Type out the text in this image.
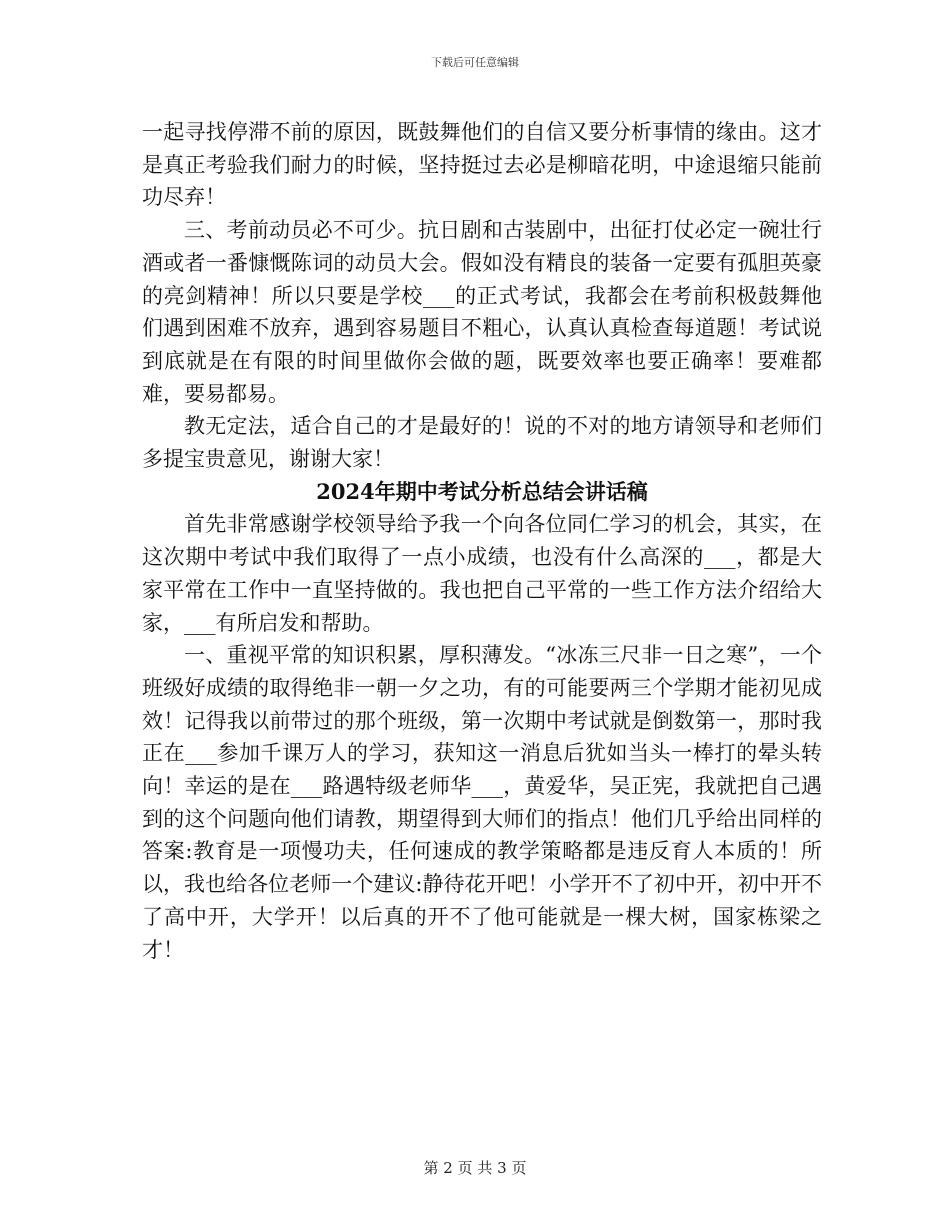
下载后可任意编辑

一起寻找停滞不前的原因，既鼓舞他们的自信又要分析事情的缘由。这才是真正考验我们耐力的时候，坚持挺过去必是柳暗花明，中途退缩只能前功尽弃！

三、考前动员必不可少。抗日剧和古装剧中，出征打仗必定一碗壮行酒或者一番慷慨陈词的动员大会。假如没有精良的装备一定要有孤胆英豪的亮剑精神！所以只要是学校___的正式考试，我都会在考前积极鼓舞他们遇到困难不放弃，遇到容易题目不粗心，认真认真检查每道题！考试说到底就是在有限的时间里做你会做的题，既要效率也要正确率！要难都难，要易都易。

教无定法，适合自己的才是最好的！说的不对的地方请领导和老师们多提宝贵意见，谢谢大家！

2024年期中考试分析总结会讲话稿

首先非常感谢学校领导给予我一个向各位同仁学习的机会，其实，在这次期中考试中我们取得了一点小成绩，也没有什么高深的___，都是大家平常在工作中一直坚持做的。我也把自己平常的一些工作方法介绍给大家，___有所启发和帮助。

一、重视平常的知识积累，厚积薄发。“冰冻三尺非一日之寒”，一个班级好成绩的取得绝非一朝一夕之功，有的可能要两三个学期才能初见成效！记得我以前带过的那个班级，第一次期中考试就是倒数第一，那时我正在___参加千课万人的学习，获知这一消息后犹如当头一棒打的晕头转向！幸运的是在___路遇特级老师华___，黄爱华，吴正宪，我就把自己遇到的这个问题向他们请教，期望得到大师们的指点！他们几乎给出同样的答案:教育是一项慢功夫，任何速成的教学策略都是违反育人本质的！所以，我也给各位老师一个建议:静待花开吧！小学开不了初中开，初中开不了高中开，大学开！以后真的开不了他可能就是一棵大树，国家栋梁之才！

第 2 页 共 3 页
